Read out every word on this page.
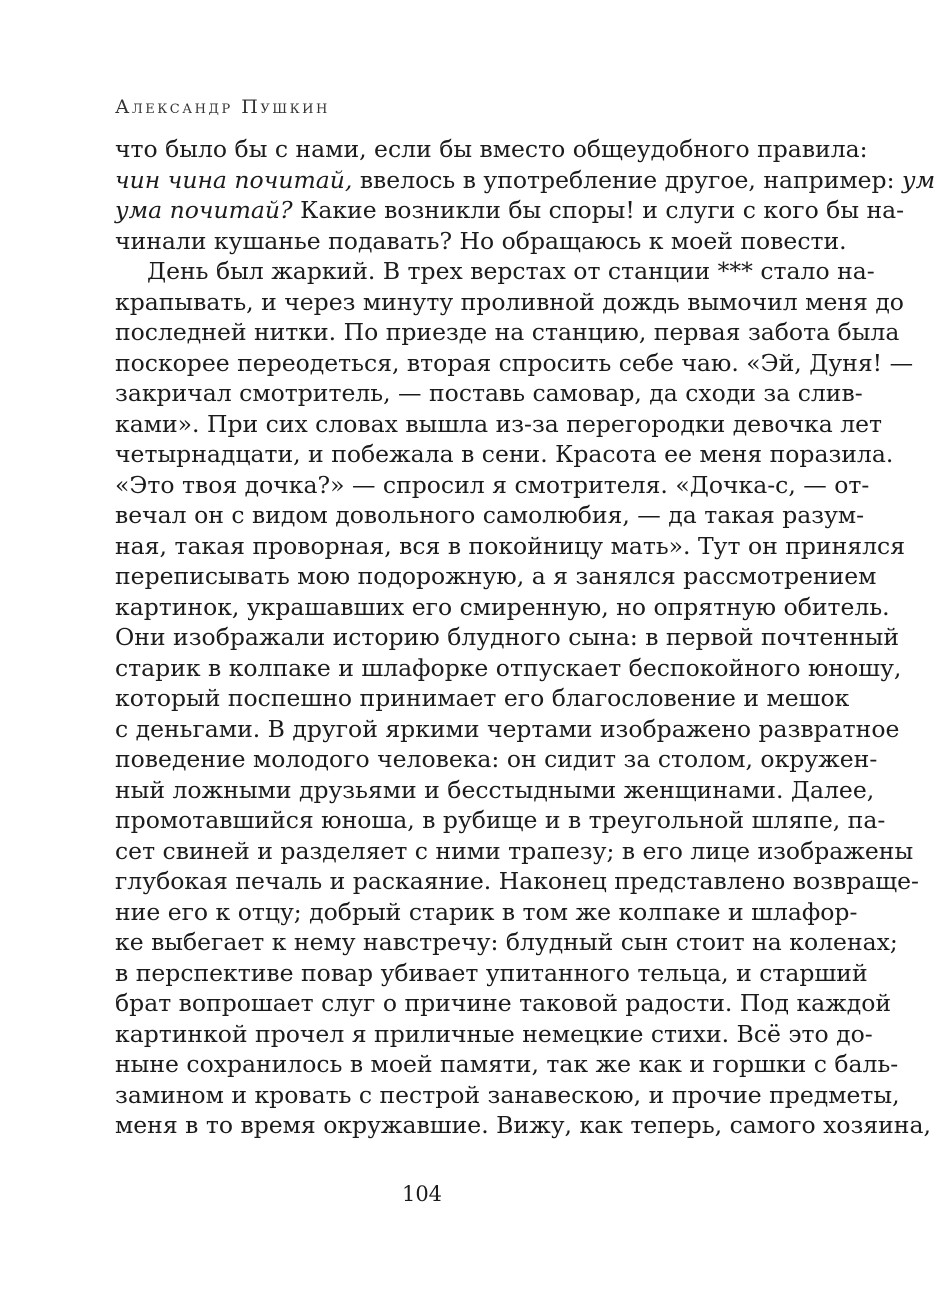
Александр Пушкин
что было бы с нами, если бы вместо общеудобного правила:
чин чина почитай, ввелось в употребление другое, например: ум
ума почитай? Какие возникли бы споры! и слуги с кого бы на-
чинали кушанье подавать? Но обращаюсь к моей повести.
День был жаркий. В трех верстах от станции *** стало на-
крапывать, и через минуту проливной дождь вымочил меня до
последней нитки. По приезде на станцию, первая забота была
поскорее переодеться, вторая спросить себе чаю. «Эй, Дуня! —
закричал смотритель, — поставь самовар, да сходи за слив-
ками». При сих словах вышла из-за перегородки девочка лет
четырнадцати, и побежала в сени. Красота ее меня поразила.
«Это твоя дочка?» — спросил я смотрителя. «Дочка-с, — от-
вечал он с видом довольного самолюбия, — да такая разум-
ная, такая проворная, вся в покойницу мать». Тут он принялся
переписывать мою подорожную, а я занялся рассмотрением
картинок, украшавших его смиренную, но опрятную обитель.
Они изображали историю блудного сына: в первой почтенный
старик в колпаке и шлафорке отпускает беспокойного юношу,
который поспешно принимает его благословение и мешок
с деньгами. В другой яркими чертами изображено развратное
поведение молодого человека: он сидит за столом, окружен-
ный ложными друзьями и бесстыдными женщинами. Далее,
промотавшийся юноша, в рубище и в треугольной шляпе, па-
сет свиней и разделяет с ними трапезу; в его лице изображены
глубокая печаль и раскаяние. Наконец представлено возвраще-
ние его к отцу; добрый старик в том же колпаке и шлафор-
ке выбегает к нему навстречу: блудный сын стоит на коленах;
в перспективе повар убивает упитанного тельца, и старший
брат вопрошает слуг о причине таковой радости. Под каждой
картинкой прочел я приличные немецкие стихи. Всё это до-
ныне сохранилось в моей памяти, так же как и горшки с баль-
замином и кровать с пестрой занавескою, и прочие предметы,
меня в то время окружавшие. Вижу, как теперь, самого хозяина,
104
